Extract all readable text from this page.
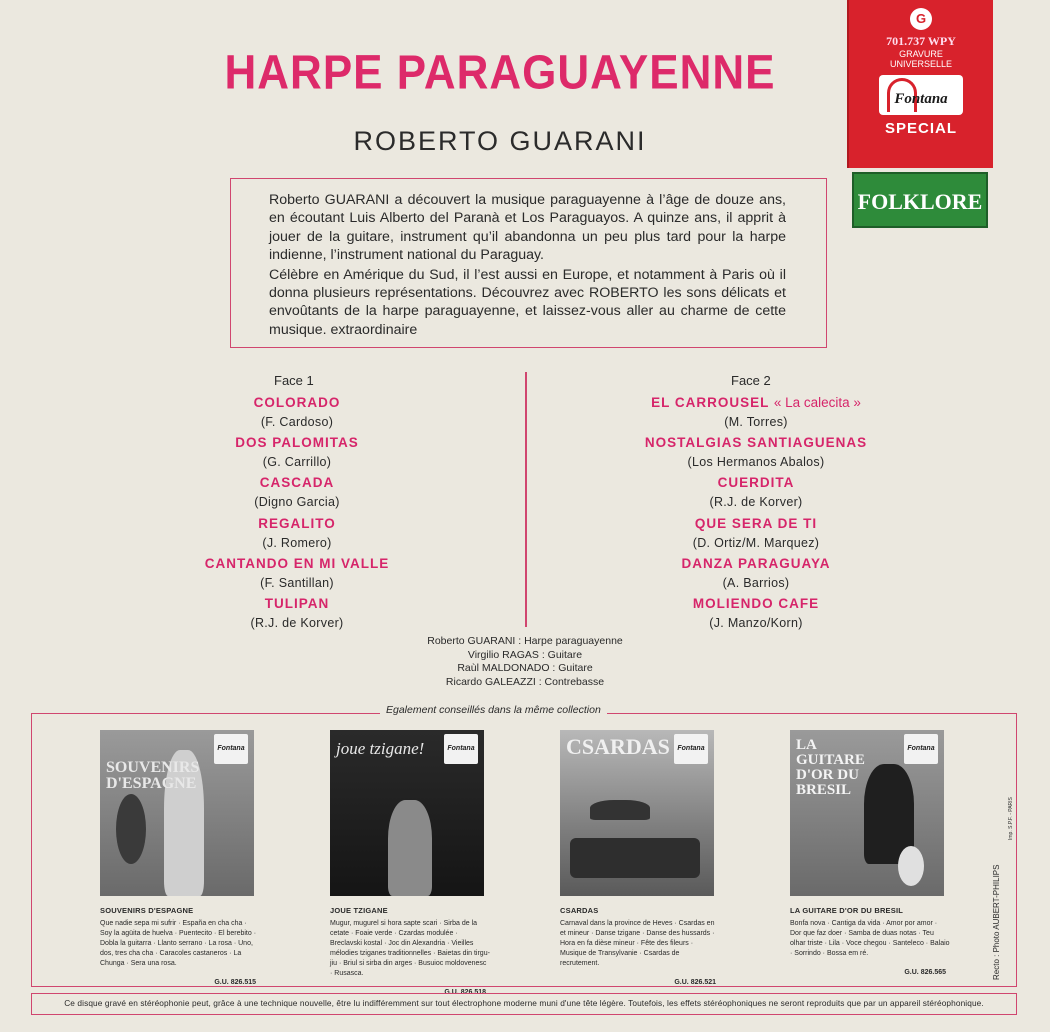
HARPE PARAGUAYENNE
ROBERTO GUARANI
G
701.737 WPY
GRAVURE
UNIVERSELLE
Fontana
SPECIAL
FOLKLORE

Roberto GUARANI a découvert la musique paraguayenne à l’âge de douze ans, en écoutant Luis Alberto del Paranà et Los Paraguayos. A quinze ans, il apprit à jouer de la guitare, instrument qu’il abandonna un peu plus tard pour la harpe indienne, l’instrument national du Paraguay.

Célèbre en Amérique du Sud, il l’est aussi en Europe, et notamment à Paris où il donna plusieurs représentations. Découvrez avec ROBERTO les sons délicats et envoûtants de la harpe paraguayenne, et laissez-vous aller au charme de cette musique. extraordinaire

Face 1	Face 2
COLORADO
(F. Cardoso)
DOS PALOMITAS
(G. Carrillo)
CASCADA
(Digno Garcia)
REGALITO
(J. Romero)
CANTANDO EN MI VALLE
(F. Santillan)
TULIPAN
(R.J. de Korver)
EL CARROUSEL « La calecita »
(M. Torres)
NOSTALGIAS SANTIAGUENAS
(Los Hermanos Abalos)
CUERDITA
(R.J. de Korver)
QUE SERA DE TI
(D. Ortiz/M. Marquez)
DANZA PARAGUAYA
(A. Barrios)
MOLIENDO CAFE
(J. Manzo/Korn)
Roberto GUARANI : Harpe paraguayenne
Virgilio RAGAS : Guitare
Raùl MALDONADO : Guitare
Ricardo GALEAZZI : Contrebasse
Egalement conseillés dans la même collection
SOUVENIRS D'ESPAGNE
Fontana
SOUVENIRS D'ESPAGNE
Que nadie sepa mi sufrir · España en cha cha · Soy la agüita de huelva · Puentecito · El berebito · Dobla la guitarra · Llanto serrano · La rosa · Uno, dos, tres cha cha · Caracoles castaneros · La Chunga · Sera una rosa.
G.U. 826.515
joue tzigane!	Fontana
JOUE TZIGANE
Mugur, mugurel si hora sapte scari · Sirba de la cetate · Foaie verde · Czardas modulée · Breclavski kostal · Joc din Alexandria · Vieilles mélodies tziganes traditionnelles · Baietas din tirgu-jiu · Briul si sirba din arges · Busuioc moldovenesc · Rusasca.
G.U. 826.518
CSARDAS	Fontana
CSARDAS
Carnaval dans la province de Heves · Csardas en et mineur · Danse tzigane · Danse des hussards · Hora en fa dièse mineur · Fête des fileurs · Musique de Transylvanie · Csardas de recrutement.
G.U. 826.521
LA GUITARE D'OR DU BRESIL
Fontana
LA GUITARE D'OR DU BRESIL
Bonfa nova · Cantiga da vida · Amor por amor · Dor que faz doer · Samba de duas notas · Teu olhar triste · Lila · Voce chegou · Santeleco · Balaio · Sorrindo · Bossa em ré.
G.U. 826.565	Recto : Photo AUBERT-PHILIPS
Imp. S.P.F. - PARIS
Ce disque gravé en stéréophonie peut, grâce à une technique nouvelle, être lu indifféremment sur tout électrophone moderne muni d'une tête légère. Toutefois, les effets stéréophoniques ne seront reproduits que par un appareil stéréophonique.
